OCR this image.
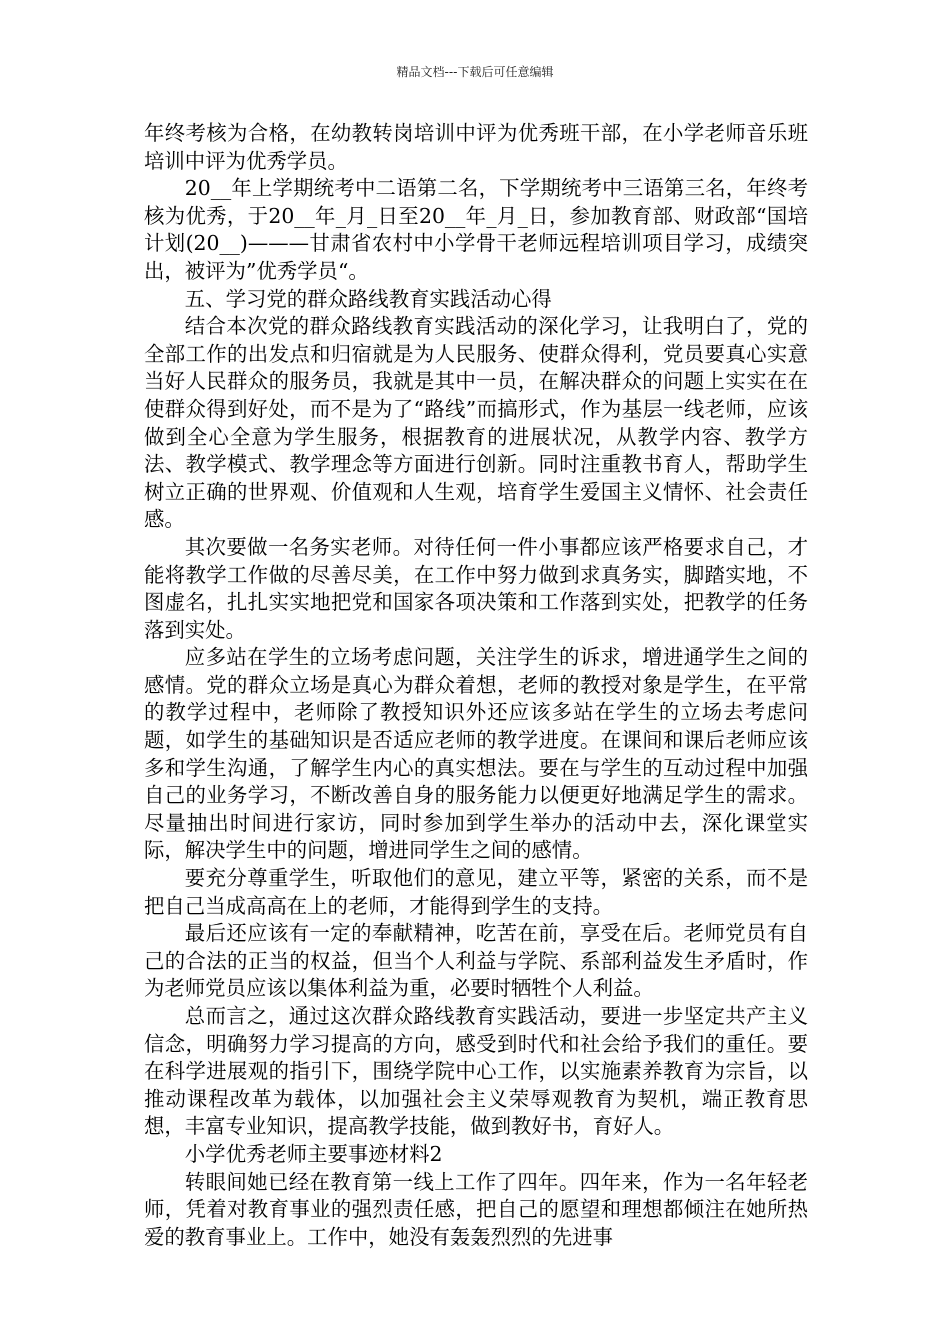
精品文档---下载后可任意编辑

年终考核为合格，在幼教转岗培训中评为优秀班干部，在小学老师音乐班培训中评为优秀学员。

20__年上学期统考中二语第二名，下学期统考中三语第三名，年终考核为优秀，于20__年_月_日至20__年_月_日，参加教育部、财政部“国培计划(20__)———甘肃省农村中小学骨干老师远程培训项目学习，成绩突出，被评为”优秀学员“。

五、学习党的群众路线教育实践活动心得

结合本次党的群众路线教育实践活动的深化学习，让我明白了，党的全部工作的出发点和归宿就是为人民服务、使群众得利，党员要真心实意当好人民群众的服务员，我就是其中一员，在解决群众的问题上实实在在使群众得到好处，而不是为了“路线”而搞形式，作为基层一线老师，应该做到全心全意为学生服务，根据教育的进展状况，从教学内容、教学方法、教学模式、教学理念等方面进行创新。同时注重教书育人，帮助学生树立正确的世界观、价值观和人生观，培育学生爱国主义情怀、社会责任感。

其次要做一名务实老师。对待任何一件小事都应该严格要求自己，才能将教学工作做的尽善尽美，在工作中努力做到求真务实，脚踏实地，不图虚名，扎扎实实地把党和国家各项决策和工作落到实处，把教学的任务落到实处。

应多站在学生的立场考虑问题，关注学生的诉求，增进通学生之间的感情。党的群众立场是真心为群众着想，老师的教授对象是学生，在平常的教学过程中，老师除了教授知识外还应该多站在学生的立场去考虑问题，如学生的基础知识是否适应老师的教学进度。在课间和课后老师应该多和学生沟通，了解学生内心的真实想法。要在与学生的互动过程中加强自己的业务学习，不断改善自身的服务能力以便更好地满足学生的需求。尽量抽出时间进行家访，同时参加到学生举办的活动中去，深化课堂实际，解决学生中的问题，增进同学生之间的感情。

要充分尊重学生，听取他们的意见，建立平等，紧密的关系，而不是把自己当成高高在上的老师，才能得到学生的支持。

最后还应该有一定的奉献精神，吃苦在前，享受在后。老师党员有自己的合法的正当的权益，但当个人利益与学院、系部利益发生矛盾时，作为老师党员应该以集体利益为重，必要时牺牲个人利益。

总而言之，通过这次群众路线教育实践活动，要进一步坚定共产主义信念，明确努力学习提高的方向，感受到时代和社会给予我们的重任。要在科学进展观的指引下，围绕学院中心工作，以实施素养教育为宗旨，以推动课程改革为载体，以加强社会主义荣辱观教育为契机，端正教育思想，丰富专业知识，提高教学技能，做到教好书，育好人。

小学优秀老师主要事迹材料2

转眼间她已经在教育第一线上工作了四年。四年来，作为一名年轻老师，凭着对教育事业的强烈责任感，把自己的愿望和理想都倾注在她所热爱的教育事业上。工作中，她没有轰轰烈烈的先进事
